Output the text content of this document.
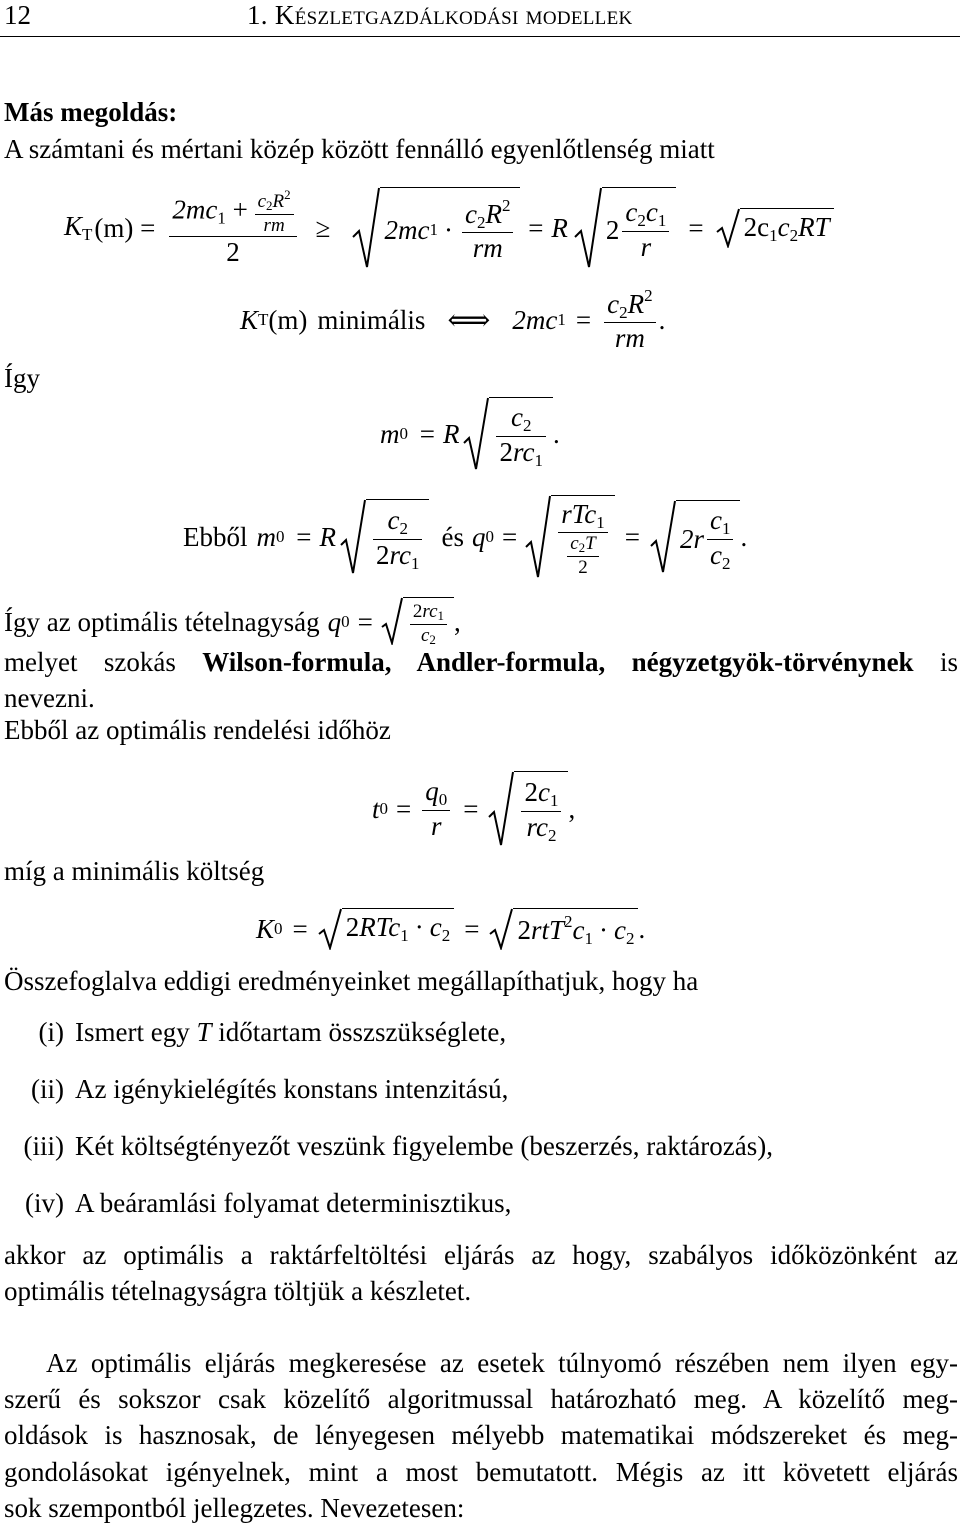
12	1. Készletgazdálkodási modellek
Más megoldás:
A számtani és mértani közép között fennálló egyenlőtlenség miatt
$K_T$ $(m) = \frac{2mc_1 + \frac{c_2R^2}{rm}}{2} \ge 2mc$ $1 \cdot \frac{c_2R^2}{rm} = R$ $2 \frac{c_2c_1}{r} = 2c_1c_2RT$
Így
K T (m) minimális ⟺ 2mc $1 = \frac{c_2R^2}{rm}$ .
m 0 = R $\frac{c_2}{2rc_1}$ .
Ebből m 0 = R $\frac{c_2}{2rc_1}$ és q $0 = \frac{rTc_1}{\frac{c_2T}{2}} = 2r \frac{c_1}{c_2}$ .
Így az optimális tételnagyság q $0 = \frac{2rc_1}{c_2}$ ,
melyet szokás Wilson-formula, Andler-formula, négyzetgyök-törvénynek is
nevezni.
Ebből az optimális rendelési időhöz
t $0 = \frac{q_0}{r} = \frac{2c_1}{rc_2}$ ,
míg a minimális költség
K $0 = 2RTc_1 \cdot c_2 = 2rtT^2c_1 \cdot c_2$ .
Összefoglalva eddigi eredményeinket megállapíthatjuk, hogy ha
(i) Ismert egy T időtartam összszükséglete,
(ii) Az igénykielégítés konstans intenzitású,
(iii) Két költségtényezőt veszünk figyelembe (beszerzés, raktározás),
(iv) A beáramlási folyamat determinisztikus,
akkor az optimális a raktárfeltöltési eljárás az hogy, szabályos időközönként az
optimális tételnagyságra töltjük a készletet.
Az optimális eljárás megkeresése az esetek túlnyomó részében nem ilyen egy-
szerű és sokszor csak közelítő algoritmussal határozható meg. A közelítő meg-
oldások is hasznosak, de lényegesen mélyebb matematikai módszereket és meg-
gondolásokat igényelnek, mint a most bemutatott. Mégis az itt követett eljárás
sok szempontból jellegzetes. Nevezetesen:
